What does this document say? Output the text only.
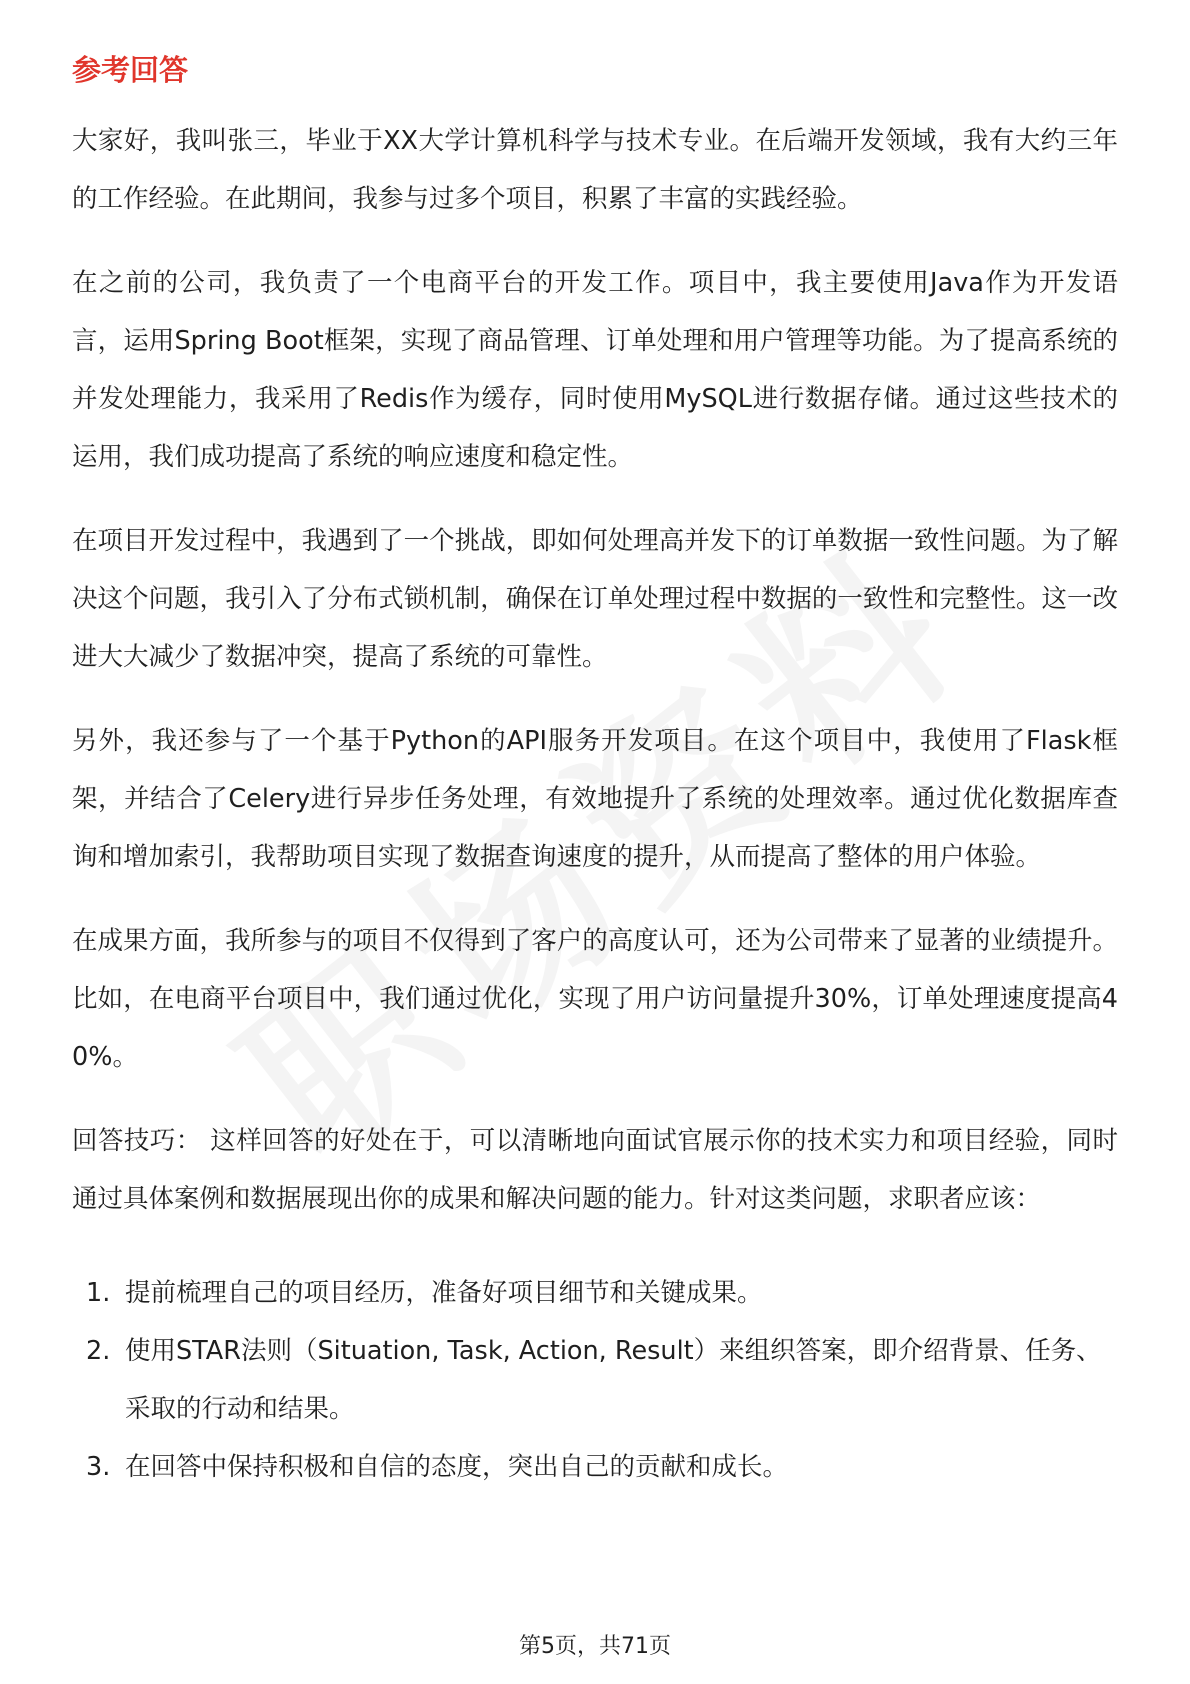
参考回答

大家好，我叫张三，毕业于XX大学计算机科学与技术专业。在后端开发领域，我有大约三年的工作经验。在此期间，我参与过多个项目，积累了丰富的实践经验。

在之前的公司，我负责了一个电商平台的开发工作。项目中，我主要使用Java作为开发语言，运用Spring Boot框架，实现了商品管理、订单处理和用户管理等功能。为了提高系统的并发处理能力，我采用了Redis作为缓存，同时使用MySQL进行数据存储。通过这些技术的运用，我们成功提高了系统的响应速度和稳定性。

在项目开发过程中，我遇到了一个挑战，即如何处理高并发下的订单数据一致性问题。为了解决这个问题，我引入了分布式锁机制，确保在订单处理过程中数据的一致性和完整性。这一改进大大减少了数据冲突，提高了系统的可靠性。

另外，我还参与了一个基于Python的API服务开发项目。在这个项目中，我使用了Flask框架，并结合了Celery进行异步任务处理，有效地提升了系统的处理效率。通过优化数据库查询和增加索引，我帮助项目实现了数据查询速度的提升，从而提高了整体的用户体验。

在成果方面，我所参与的项目不仅得到了客户的高度认可，还为公司带来了显著的业绩提升。比如，在电商平台项目中，我们通过优化，实现了用户访问量提升30%，订单处理速度提高40%。

回答技巧： 这样回答的好处在于，可以清晰地向面试官展示你的技术实力和项目经验，同时通过具体案例和数据展现出你的成果和解决问题的能力。针对这类问题，求职者应该：

1. 提前梳理自己的项目经历，准备好项目细节和关键成果。
2. 使用STAR法则（Situation, Task, Action, Result）来组织答案，即介绍背景、任务、采取的行动和结果。
3. 在回答中保持积极和自信的态度，突出自己的贡献和成长。
第5页，共71页
